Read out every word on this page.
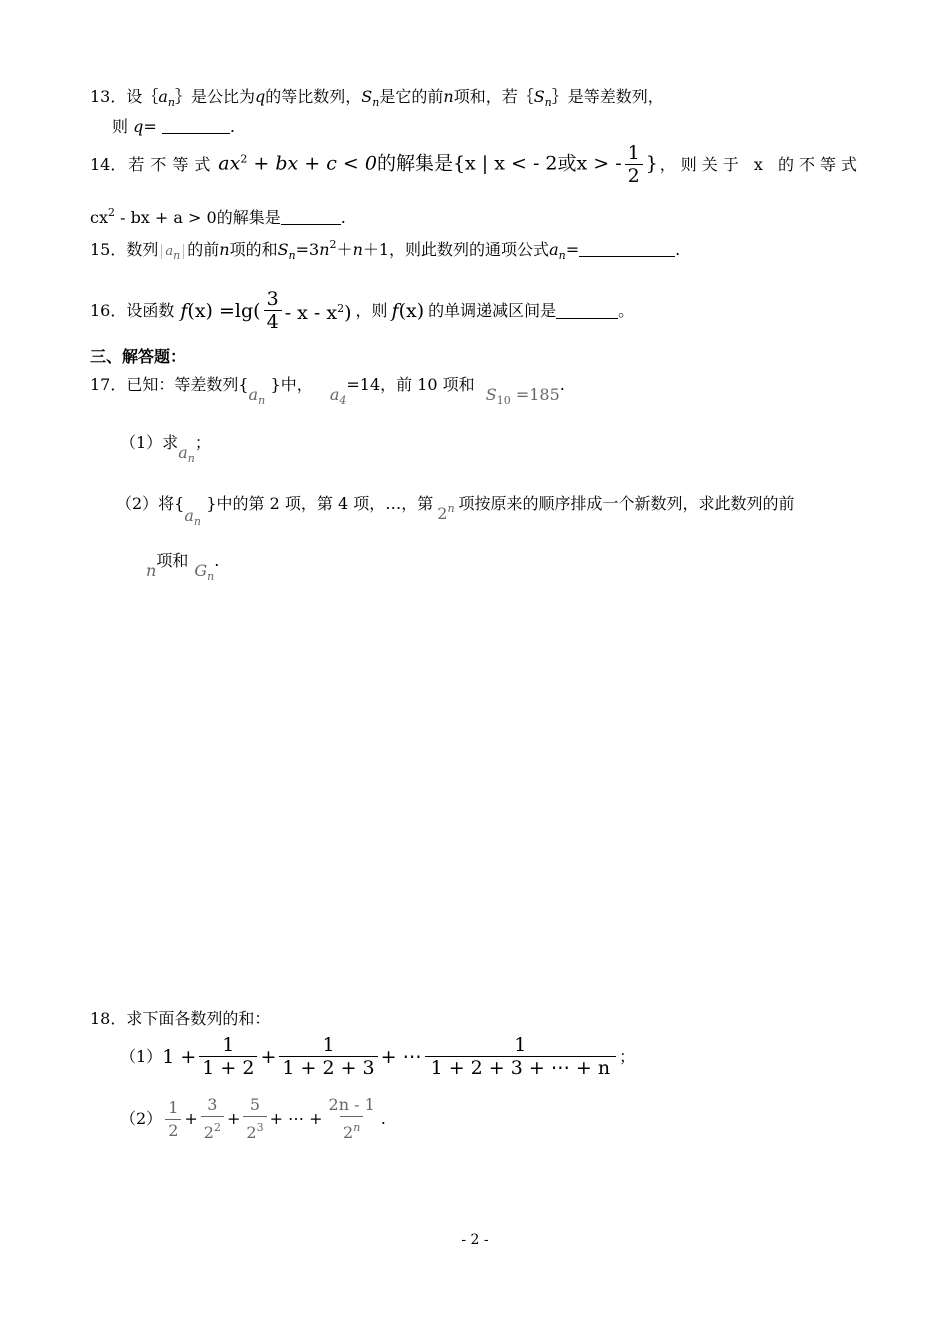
13．设$\{a_n\}$是公比为q的等比数列，$S_n$是它的前n项和，若$\{S_n\}$是等差数列，
则 q=	.
14． 若不等式 $ax^2$ + bx + c < 0的解集是{x | x < - 2或x > - $\frac{1}{2}$ } ，则关于 x 的不等式
$cx^2$ - bx + a > 0的解集是	.
15．数列 $a_n$ 的前n项的和$S_n=3n^2+n+1$，则此数列的通项公式$a_n=$	.
16．设函数 $f(x) =\lg( \frac{3}{4} - x - x^2)$ ，则 f(x) 的单调递减区间是	。
三、解答题：
17．已知：等差数列$\{a_n\}$中， $a_4=14$，前 10 项和 $S_{10} =185$.
（1）求$a_n$；
（2）将$\{a_n\}$中的第 2 项，第 4 项，…，第2$^n$ 项按原来的顺序排成一个新数列，求此数列的前
n项和$G_n$.
18．求下面各数列的和：
（1） $1 + \frac{1}{1 + 2} + \frac{1}{1 + 2 + 3}$ + ⋯ $\frac{1}{1 + 2 + 3 + \cdots + n}$ ；
$(2) \frac{1}{2} + \frac{3}{2^2} + \frac{5}{2^3}$ + ⋯ + $\frac{2n - 1}{2^n}$ .
- 2 -
